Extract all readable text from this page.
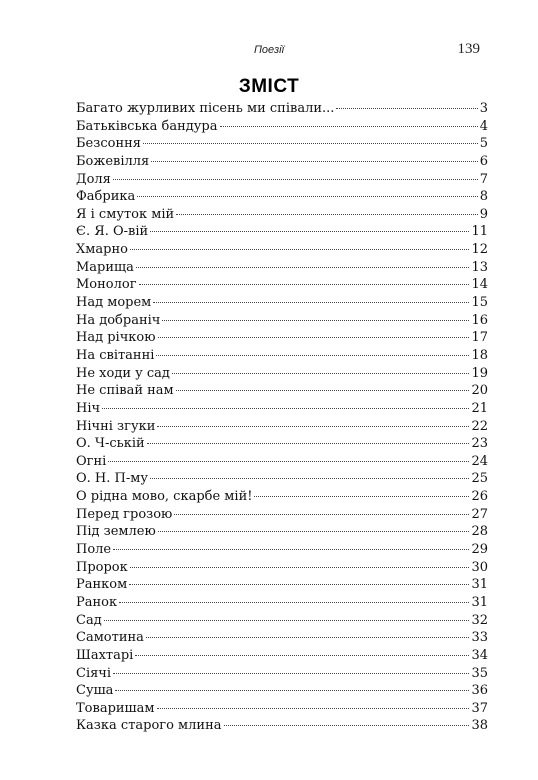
Поезії	139
ЗМІСТ
Багато журливих пісень ми співали...	3
Батьківська бандура	4
Безсоння	5
Божевілля	6
Доля	7
Фабрика	8
Я і смуток мій	9
Є. Я. О-вій	11
Хмарно	12
Марища	13
Монолог	14
Над морем	15
На добраніч	16
Над річкою	17
На світанні	18
Не ходи у сад	19
Не співай нам	20
Ніч	21
Нічні згуки	22
О. Ч-ській	23
Огні	24
О. Н. П-му	25
О рідна мово, скарбе мій!	26
Перед грозою	27
Під землею	28
Поле	29
Пророк	30
Ранком	31
Ранок	31
Сад	32
Самотина	33
Шахтарі	34
Сіячі	35
Суша	36
Товаришам	37
Казка старого млина	38
